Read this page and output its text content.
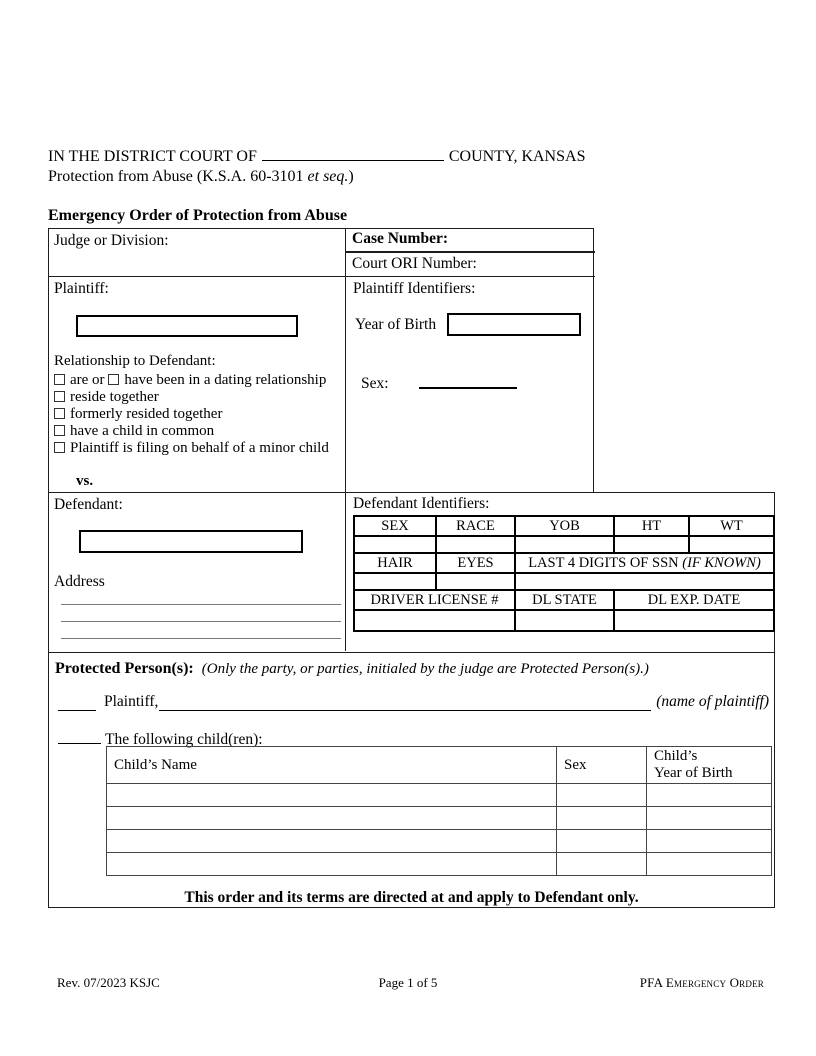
IN THE DISTRICT COURT OF	COUNTY, KANSAS
Protection from Abuse (K.S.A. 60-3101 et seq.)
Emergency Order of Protection from Abuse
Judge or Division:	Case Number:
Court ORI Number:
Plaintiff:
Relationship to Defendant:
are or have been in a dating relationship
reside together
formerly resided together
have a child in common
Plaintiff is filing on behalf of a minor child
vs.
Plaintiff Identifiers:
Year of Birth
Sex:
Defendant:
Address
Defendant Identifiers:
SEX	RACE	YOB	HT	WT

HAIR	EYES	LAST 4 DIGITS OF SSN (IF KNOWN)		

DRIVER LICENSE #		DL STATE	DL EXP. DATE	

Protected Person(s): (Only the party, or parties, initialed by the judge are Protected Person(s).)
Plaintiff,	(name of plaintiff)
The following child(ren):
Child’s Name	Sex	Child’s
Year of Birth

This order and its terms are directed at and apply to Defendant only.
Rev. 07/2023 KSJC	Page 1 of 5	PFA Emergency Order
